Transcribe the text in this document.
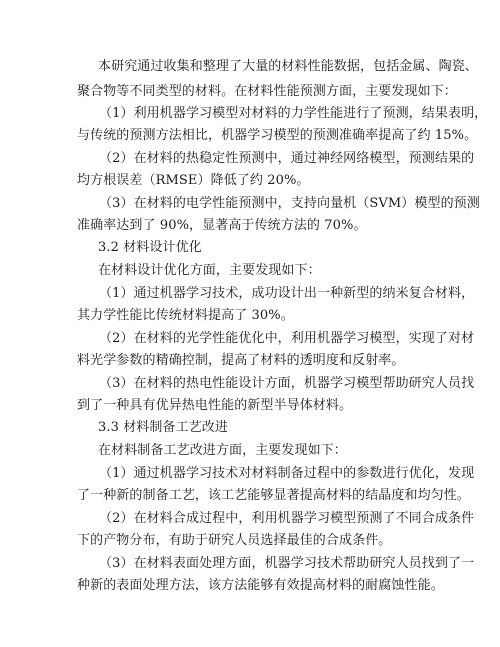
本研究通过收集和整理了大量的材料性能数据，包括金属、陶瓷、
聚合物等不同类型的材料。在材料性能预测方面，主要发现如下：
（1）利用机器学习模型对材料的力学性能进行了预测，结果表明，
与传统的预测方法相比，机器学习模型的预测准确率提高了约 15%。
（2）在材料的热稳定性预测中，通过神经网络模型，预测结果的
均方根误差（RMSE）降低了约 20%。
（3）在材料的电学性能预测中，支持向量机（SVM）模型的预测
准确率达到了 90%，显著高于传统方法的 70%。
3.2 材料设计优化
在材料设计优化方面，主要发现如下：
（1）通过机器学习技术，成功设计出一种新型的纳米复合材料，
其力学性能比传统材料提高了 30%。
（2）在材料的光学性能优化中，利用机器学习模型，实现了对材
料光学参数的精确控制，提高了材料的透明度和反射率。
（3）在材料的热电性能设计方面，机器学习模型帮助研究人员找
到了一种具有优异热电性能的新型半导体材料。
3.3 材料制备工艺改进
在材料制备工艺改进方面，主要发现如下：
（1）通过机器学习技术对材料制备过程中的参数进行优化，发现
了一种新的制备工艺，该工艺能够显著提高材料的结晶度和均匀性。
（2）在材料合成过程中，利用机器学习模型预测了不同合成条件
下的产物分布，有助于研究人员选择最佳的合成条件。
（3）在材料表面处理方面，机器学习技术帮助研究人员找到了一
种新的表面处理方法，该方法能够有效提高材料的耐腐蚀性能。
